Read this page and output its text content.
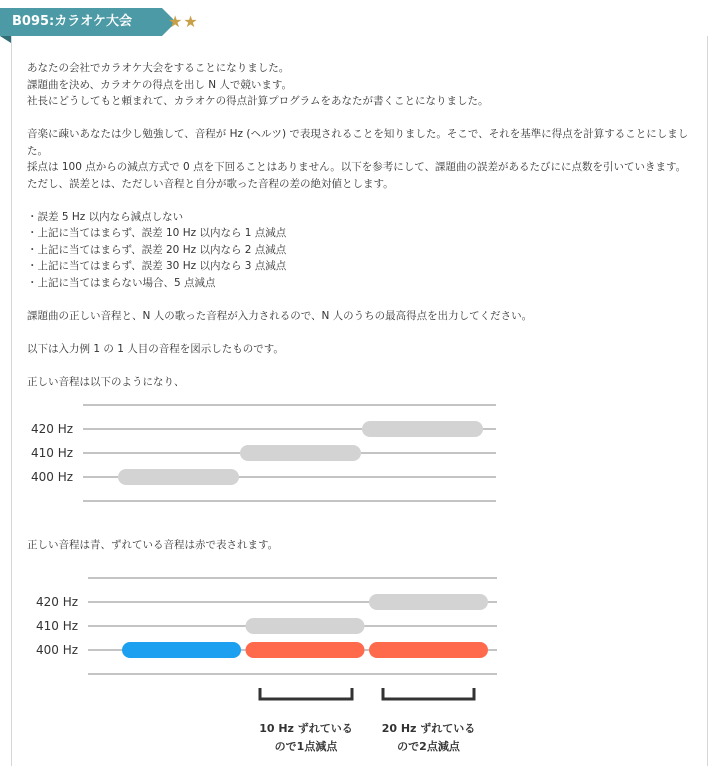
B095:カラオケ大会	★★

あなたの会社でカラオケ大会をすることになりました。

課題曲を決め、カラオケの得点を出し N 人で競います。

社長にどうしてもと頼まれて、カラオケの得点計算プログラムをあなたが書くことになりました。

音楽に疎いあなたは少し勉強して、音程が Hz (ヘルツ) で表現されることを知りました。そこで、それを基準に得点を計算することにしまし

た。

採点は 100 点からの減点方式で 0 点を下回ることはありません。以下を参考にして、課題曲の誤差があるたびにに点数を引いていきます。

ただし、誤差とは、ただしい音程と自分が歌った音程の差の絶対値とします。

・誤差 5 Hz 以内なら減点しない

・上記に当てはまらず、誤差 10 Hz 以内なら 1 点減点

・上記に当てはまらず、誤差 20 Hz 以内なら 2 点減点

・上記に当てはまらず、誤差 30 Hz 以内なら 3 点減点

・上記に当てはまらない場合、5 点減点

課題曲の正しい音程と、N 人の歌った音程が入力されるので、N 人のうちの最高得点を出力してください。

以下は入力例 1 の 1 人目の音程を図示したものです。

正しい音程は以下のようになり、

正しい音程は青、ずれている音程は赤で表されます。

420 Hz
410 Hz
400 Hz
420 Hz
410 Hz
400 Hz
10 Hz ずれている
ので1点減点
20 Hz ずれている
ので2点減点
